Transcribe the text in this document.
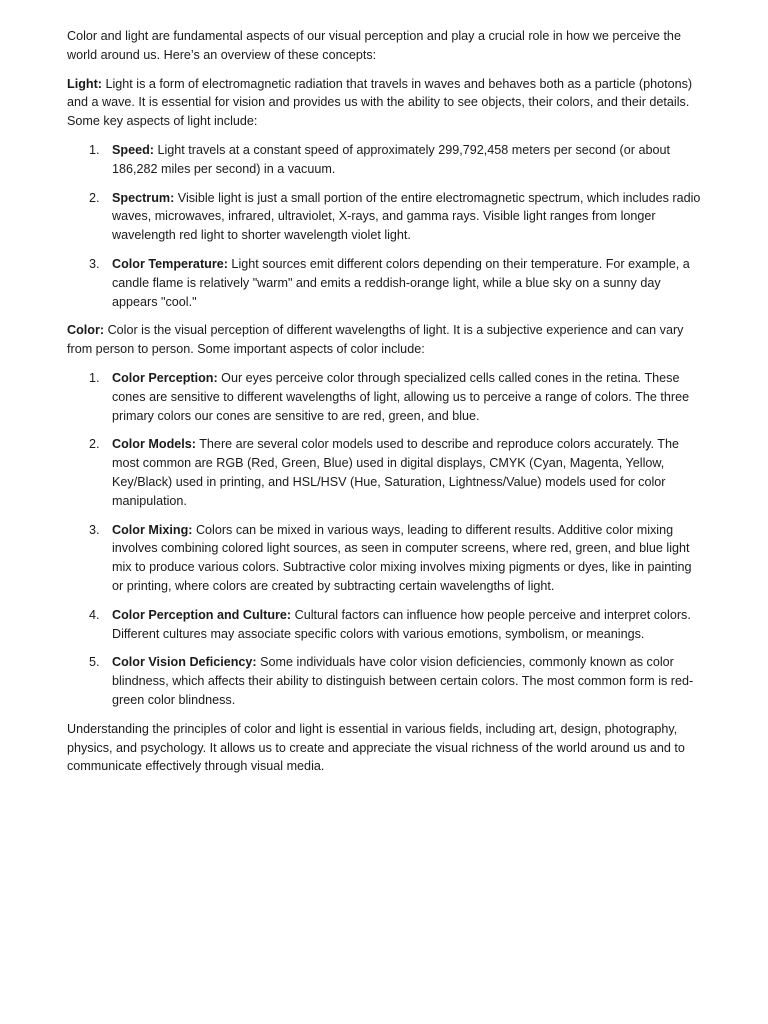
Color and light are fundamental aspects of our visual perception and play a crucial role in how we perceive the world around us. Here’s an overview of these concepts:

Light: Light is a form of electromagnetic radiation that travels in waves and behaves both as a particle (photons) and a wave. It is essential for vision and provides us with the ability to see objects, their colors, and their details. Some key aspects of light include:

1. Speed: Light travels at a constant speed of approximately 299,792,458 meters per second (or about 186,282 miles per second) in a vacuum.
2. Spectrum: Visible light is just a small portion of the entire electromagnetic spectrum, which includes radio waves, microwaves, infrared, ultraviolet, X-rays, and gamma rays. Visible light ranges from longer wavelength red light to shorter wavelength violet light.
3. Color Temperature: Light sources emit different colors depending on their temperature. For example, a candle flame is relatively "warm" and emits a reddish-orange light, while a blue sky on a sunny day appears "cool."

Color: Color is the visual perception of different wavelengths of light. It is a subjective experience and can vary from person to person. Some important aspects of color include:

1. Color Perception: Our eyes perceive color through specialized cells called cones in the retina. These cones are sensitive to different wavelengths of light, allowing us to perceive a range of colors. The three primary colors our cones are sensitive to are red, green, and blue.
2. Color Models: There are several color models used to describe and reproduce colors accurately. The most common are RGB (Red, Green, Blue) used in digital displays, CMYK (Cyan, Magenta, Yellow, Key/Black) used in printing, and HSL/HSV (Hue, Saturation, Lightness/Value) models used for color manipulation.
3. Color Mixing: Colors can be mixed in various ways, leading to different results. Additive color mixing involves combining colored light sources, as seen in computer screens, where red, green, and blue light mix to produce various colors. Subtractive color mixing involves mixing pigments or dyes, like in painting or printing, where colors are created by subtracting certain wavelengths of light.
4. Color Perception and Culture: Cultural factors can influence how people perceive and interpret colors. Different cultures may associate specific colors with various emotions, symbolism, or meanings.
5. Color Vision Deficiency: Some individuals have color vision deficiencies, commonly known as color blindness, which affects their ability to distinguish between certain colors. The most common form is red-green color blindness.

Understanding the principles of color and light is essential in various fields, including art, design, photography, physics, and psychology. It allows us to create and appreciate the visual richness of the world around us and to communicate effectively through visual media.
